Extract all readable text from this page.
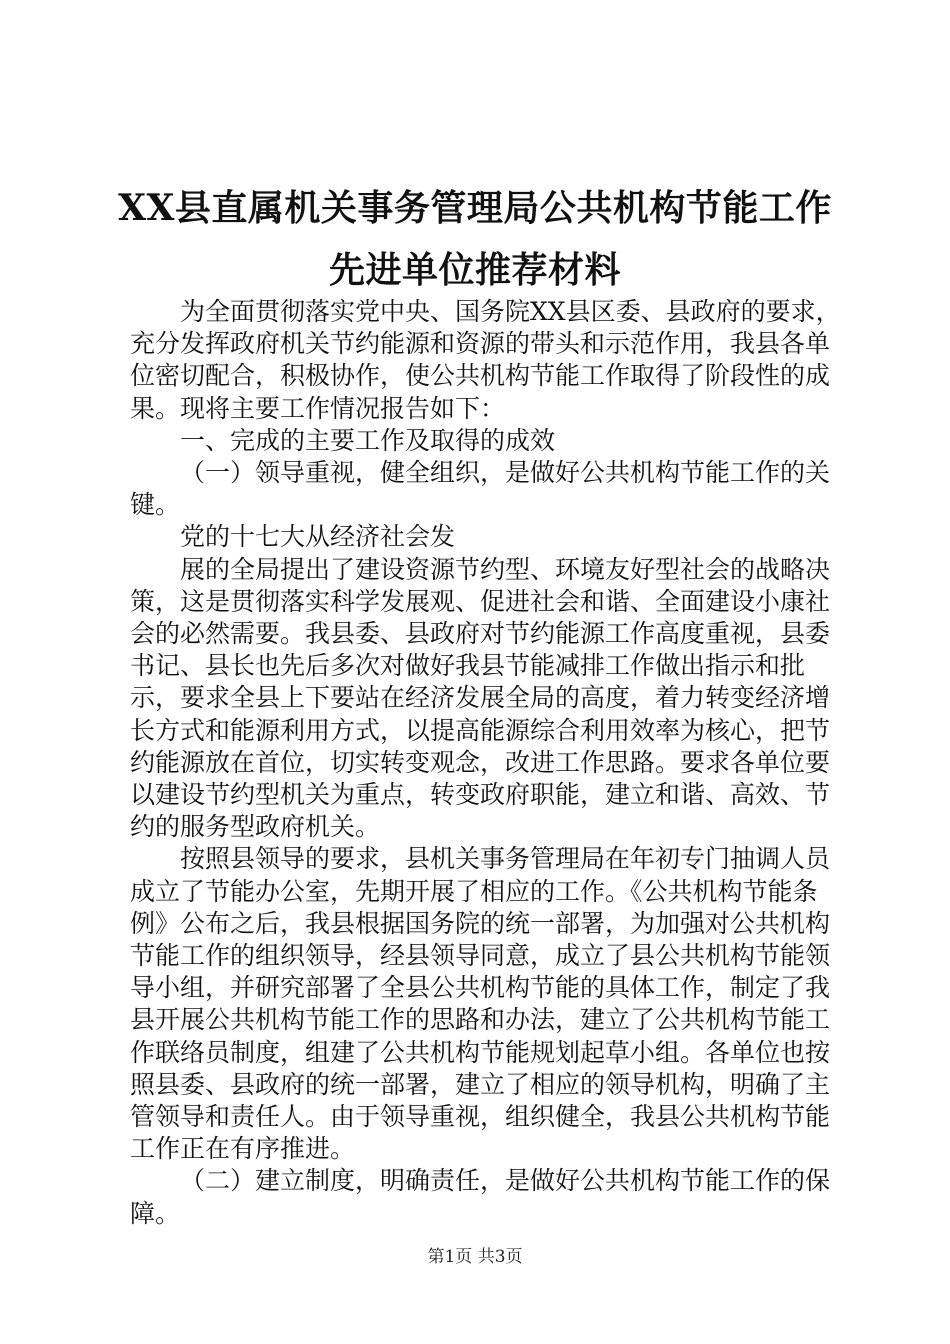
XX县直属机关事务管理局公共机构节能工作
先进单位推荐材料

为全面贯彻落实党中央、国务院XX县区委、县政府的要求，充分发挥政府机关节约能源和资源的带头和示范作用，我县各单位密切配合，积极协作，使公共机构节能工作取得了阶段性的成果。现将主要工作情况报告如下：

一、完成的主要工作及取得的成效

（一）领导重视，健全组织，是做好公共机构节能工作的关键。

党的十七大从经济社会发

展的全局提出了建设资源节约型、环境友好型社会的战略决策，这是贯彻落实科学发展观、促进社会和谐、全面建设小康社会的必然需要。我县委、县政府对节约能源工作高度重视，县委书记、县长也先后多次对做好我县节能减排工作做出指示和批示，要求全县上下要站在经济发展全局的高度，着力转变经济增长方式和能源利用方式，以提高能源综合利用效率为核心，把节约能源放在首位，切实转变观念，改进工作思路。要求各单位要以建设节约型机关为重点，转变政府职能，建立和谐、高效、节约的服务型政府机关。

按照县领导的要求，县机关事务管理局在年初专门抽调人员成立了节能办公室，先期开展了相应的工作。《公共机构节能条例》公布之后，我县根据国务院的统一部署，为加强对公共机构节能工作的组织领导，经县领导同意，成立了县公共机构节能领导小组，并研究部署了全县公共机构节能的具体工作，制定了我县开展公共机构节能工作的思路和办法，建立了公共机构节能工作联络员制度，组建了公共机构节能规划起草小组。各单位也按照县委、县政府的统一部署，建立了相应的领导机构，明确了主管领导和责任人。由于领导重视，组织健全，我县公共机构节能工作正在有序推进。

（二）建立制度，明确责任，是做好公共机构节能工作的保障。

第1页 共3页
